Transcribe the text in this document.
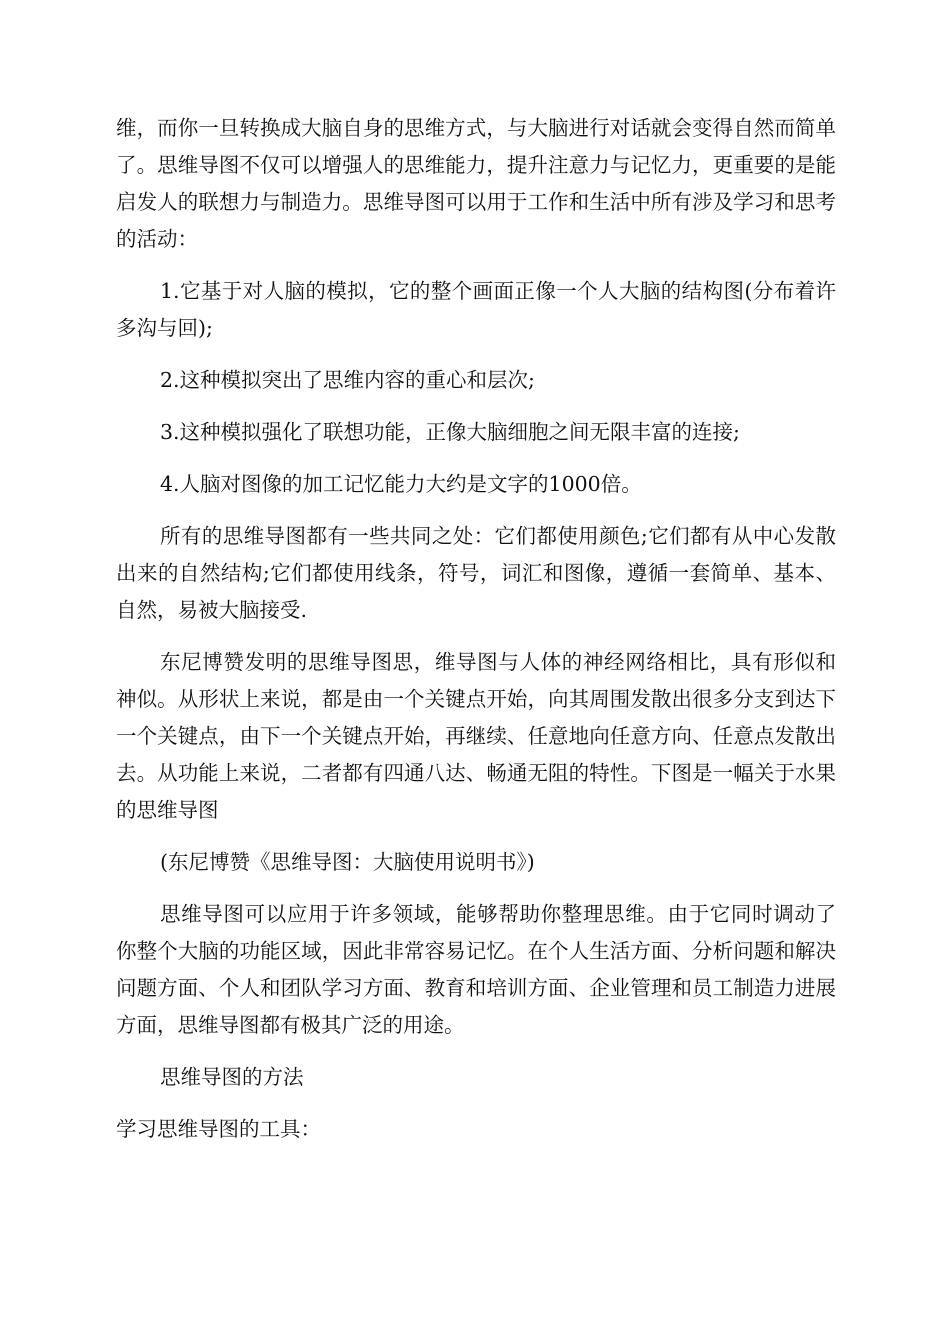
维，而你一旦转换成大脑自身的思维方式，与大脑进行对话就会变得自然而简单了。思维导图不仅可以增强人的思维能力，提升注意力与记忆力，更重要的是能启发人的联想力与制造力。思维导图可以用于工作和生活中所有涉及学习和思考的活动：

1.它基于对人脑的模拟，它的整个画面正像一个人大脑的结构图(分布着许多沟与回);

2.这种模拟突出了思维内容的重心和层次;

3.这种模拟强化了联想功能，正像大脑细胞之间无限丰富的连接;

4.人脑对图像的加工记忆能力大约是文字的1000倍。

所有的思维导图都有一些共同之处：它们都使用颜色;它们都有从中心发散出来的自然结构;它们都使用线条，符号，词汇和图像，遵循一套简单、基本、自然，易被大脑接受.

东尼博赞发明的思维导图思，维导图与人体的神经网络相比，具有形似和神似。从形状上来说，都是由一个关键点开始，向其周围发散出很多分支到达下一个关键点，由下一个关键点开始，再继续、任意地向任意方向、任意点发散出去。从功能上来说，二者都有四通八达、畅通无阻的特性。下图是一幅关于水果的思维导图

(东尼博赞《思维导图：大脑使用说明书》)

思维导图可以应用于许多领域，能够帮助你整理思维。由于它同时调动了你整个大脑的功能区域，因此非常容易记忆。在个人生活方面、分析问题和解决问题方面、个人和团队学习方面、教育和培训方面、企业管理和员工制造力进展方面，思维导图都有极其广泛的用途。

思维导图的方法

学习思维导图的工具：
